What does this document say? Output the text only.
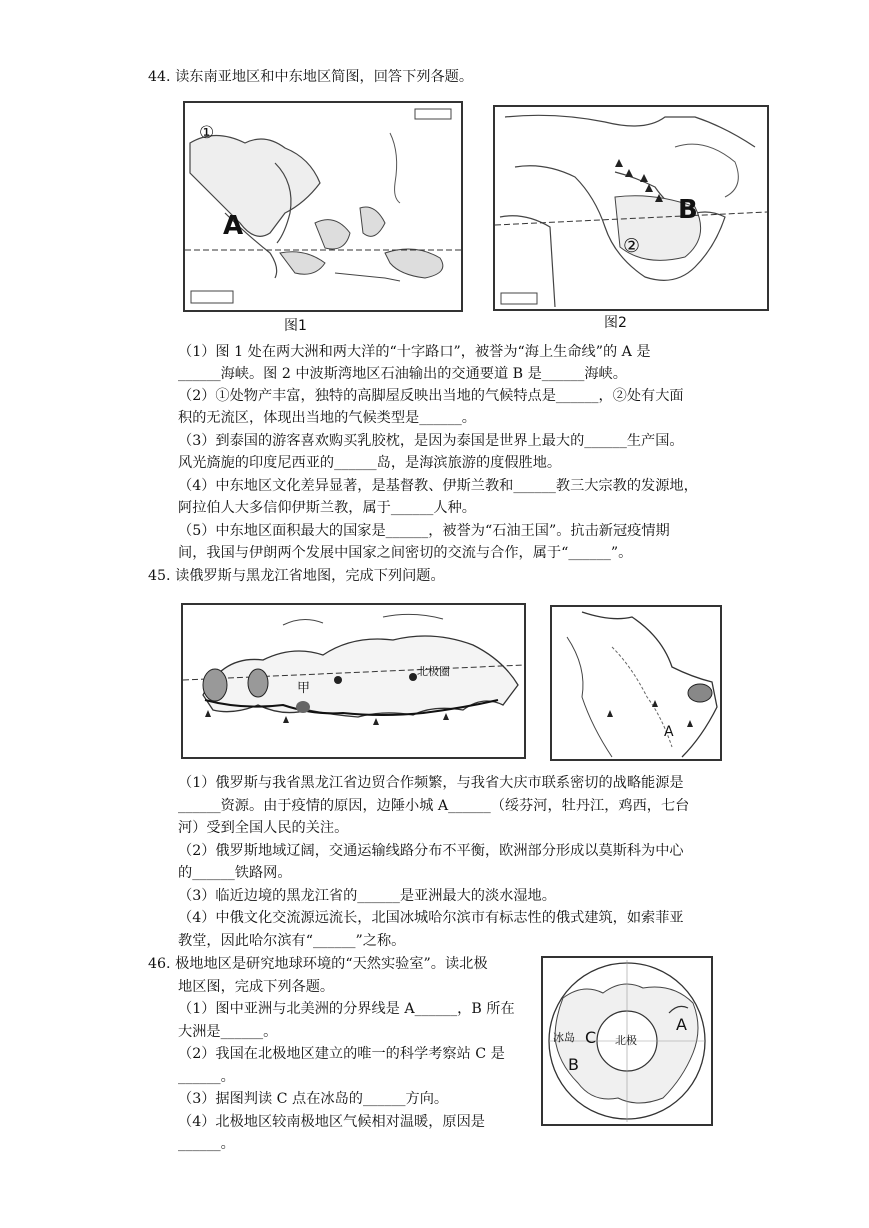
44. 读东南亚地区和中东地区简图，回答下列各题。
①
A
图1
B
②
图2
（1）图 1 处在两大洲和两大洋的“十字路口”，被誉为“海上生命线”的 A 是
______海峡。图 2 中波斯湾地区石油输出的交通要道 B 是______海峡。
（2）①处物产丰富，独特的高脚屋反映出当地的气候特点是______，②处有大面
积的无流区，体现出当地的气候类型是______。
（3）到泰国的游客喜欢购买乳胶枕，是因为泰国是世界上最大的______生产国。
风光旖旎的印度尼西亚的______岛，是海滨旅游的度假胜地。
（4）中东地区文化差异显著，是基督教、伊斯兰教和______教三大宗教的发源地，
阿拉伯人大多信仰伊斯兰教，属于______人种。
（5）中东地区面积最大的国家是______，被誉为“石油王国”。抗击新冠疫情期
间，我国与伊朗两个发展中国家之间密切的交流与合作，属于“______”。
45. 读俄罗斯与黑龙江省地图，完成下列问题。
甲
北极圈
A
（1）俄罗斯与我省黑龙江省边贸合作频繁，与我省大庆市联系密切的战略能源是
______资源。由于疫情的原因，边陲小城 A______（绥芬河，牡丹江，鸡西，七台
河）受到全国人民的关注。
（2）俄罗斯地域辽阔，交通运输线路分布不平衡，欧洲部分形成以莫斯科为中心
的______铁路网。
（3）临近边境的黑龙江省的______是亚洲最大的淡水湿地。
（4）中俄文化交流源远流长，北国冰城哈尔滨市有标志性的俄式建筑，如索菲亚
教堂，因此哈尔滨有“______”之称。
46. 极地地区是研究地球环境的“天然实验室”。读北极
地区图，完成下列各题。
（1）图中亚洲与北美洲的分界线是 A______，B 所在
大洲是______。
（2）我国在北极地区建立的唯一的科学考察站 C 是
______。
（3）据图判读 C 点在冰岛的______方向。
（4）北极地区较南极地区气候相对温暖，原因是
______。
A
B
C
冰岛	北极
